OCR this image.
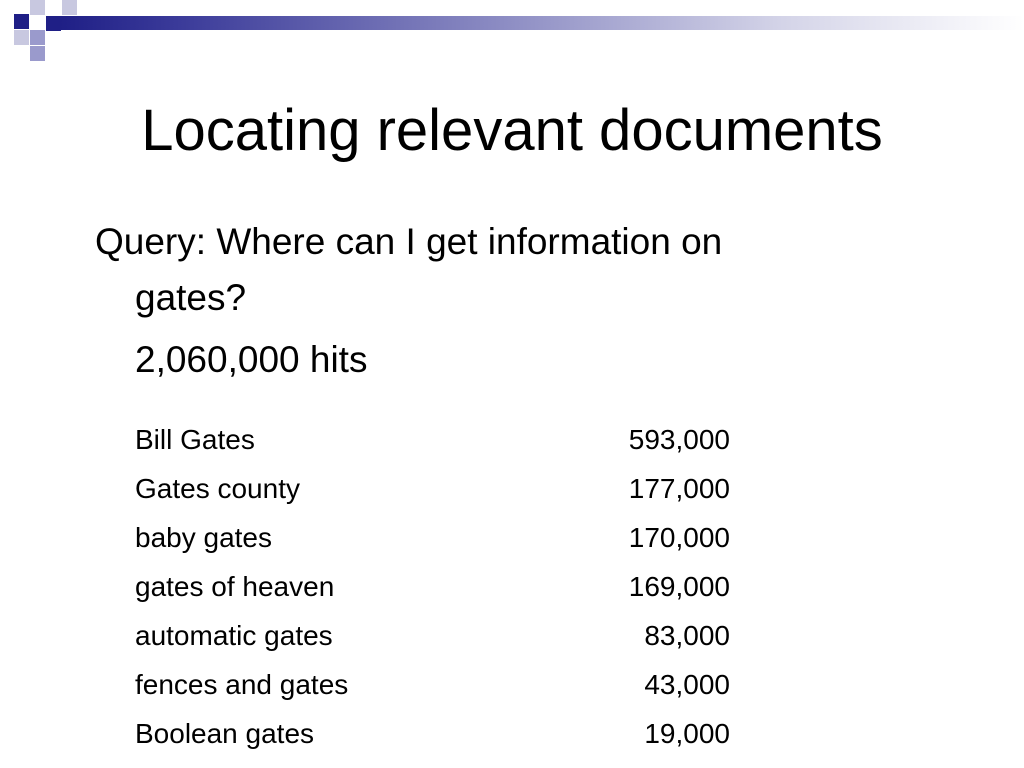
Locating relevant documents

Query: Where can I get information on

gates?

2,060,000 hits

Bill Gates	593,000
Gates county	177,000
baby gates	170,000
gates of heaven	169,000
automatic gates	83,000
fences and gates	43,000
Boolean gates	19,000
